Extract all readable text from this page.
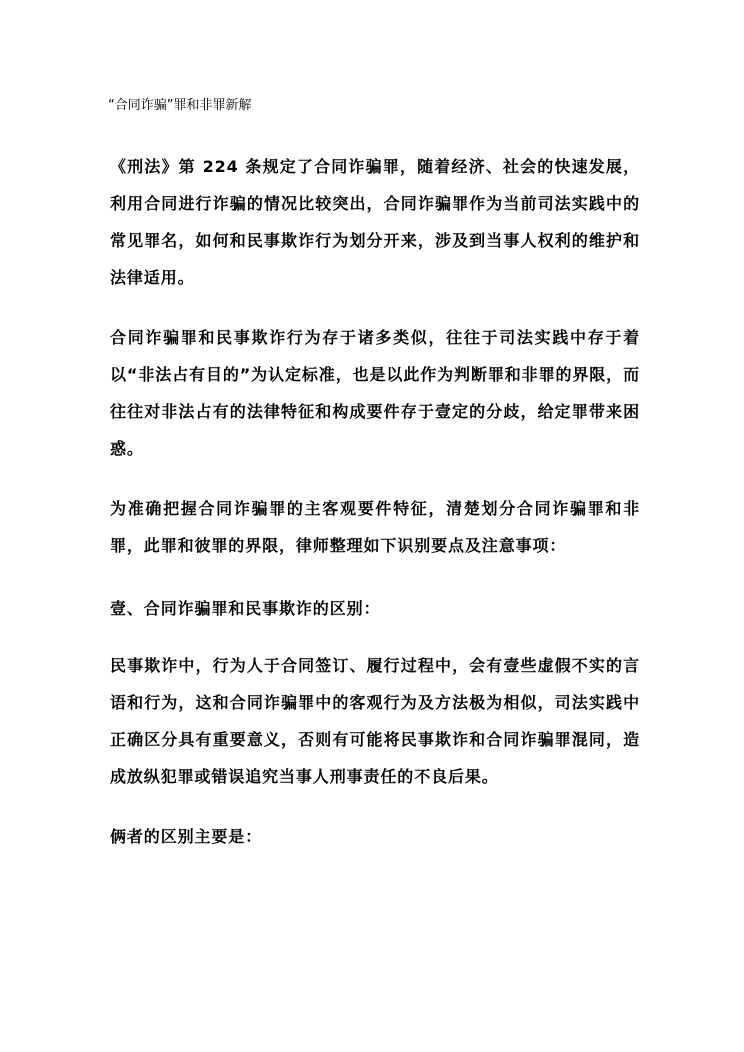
“合同诈骗”罪和非罪新解

《刑法》第 224 条规定了合同诈骗罪，随着经济、社会的快速发展，利用合同进行诈骗的情况比较突出，合同诈骗罪作为当前司法实践中的常见罪名，如何和民事欺诈行为划分开来，涉及到当事人权利的维护和法律适用。

合同诈骗罪和民事欺诈行为存于诸多类似，往往于司法实践中存于着以“非法占有目的”为认定标准，也是以此作为判断罪和非罪的界限，而往往对非法占有的法律特征和构成要件存于壹定的分歧，给定罪带来困惑。

为准确把握合同诈骗罪的主客观要件特征，清楚划分合同诈骗罪和非罪，此罪和彼罪的界限，律师整理如下识别要点及注意事项：

壹、合同诈骗罪和民事欺诈的区别：

民事欺诈中，行为人于合同签订、履行过程中，会有壹些虚假不实的言语和行为，这和合同诈骗罪中的客观行为及方法极为相似，司法实践中正确区分具有重要意义，否则有可能将民事欺诈和合同诈骗罪混同，造成放纵犯罪或错误追究当事人刑事责任的不良后果。

俩者的区别主要是：
